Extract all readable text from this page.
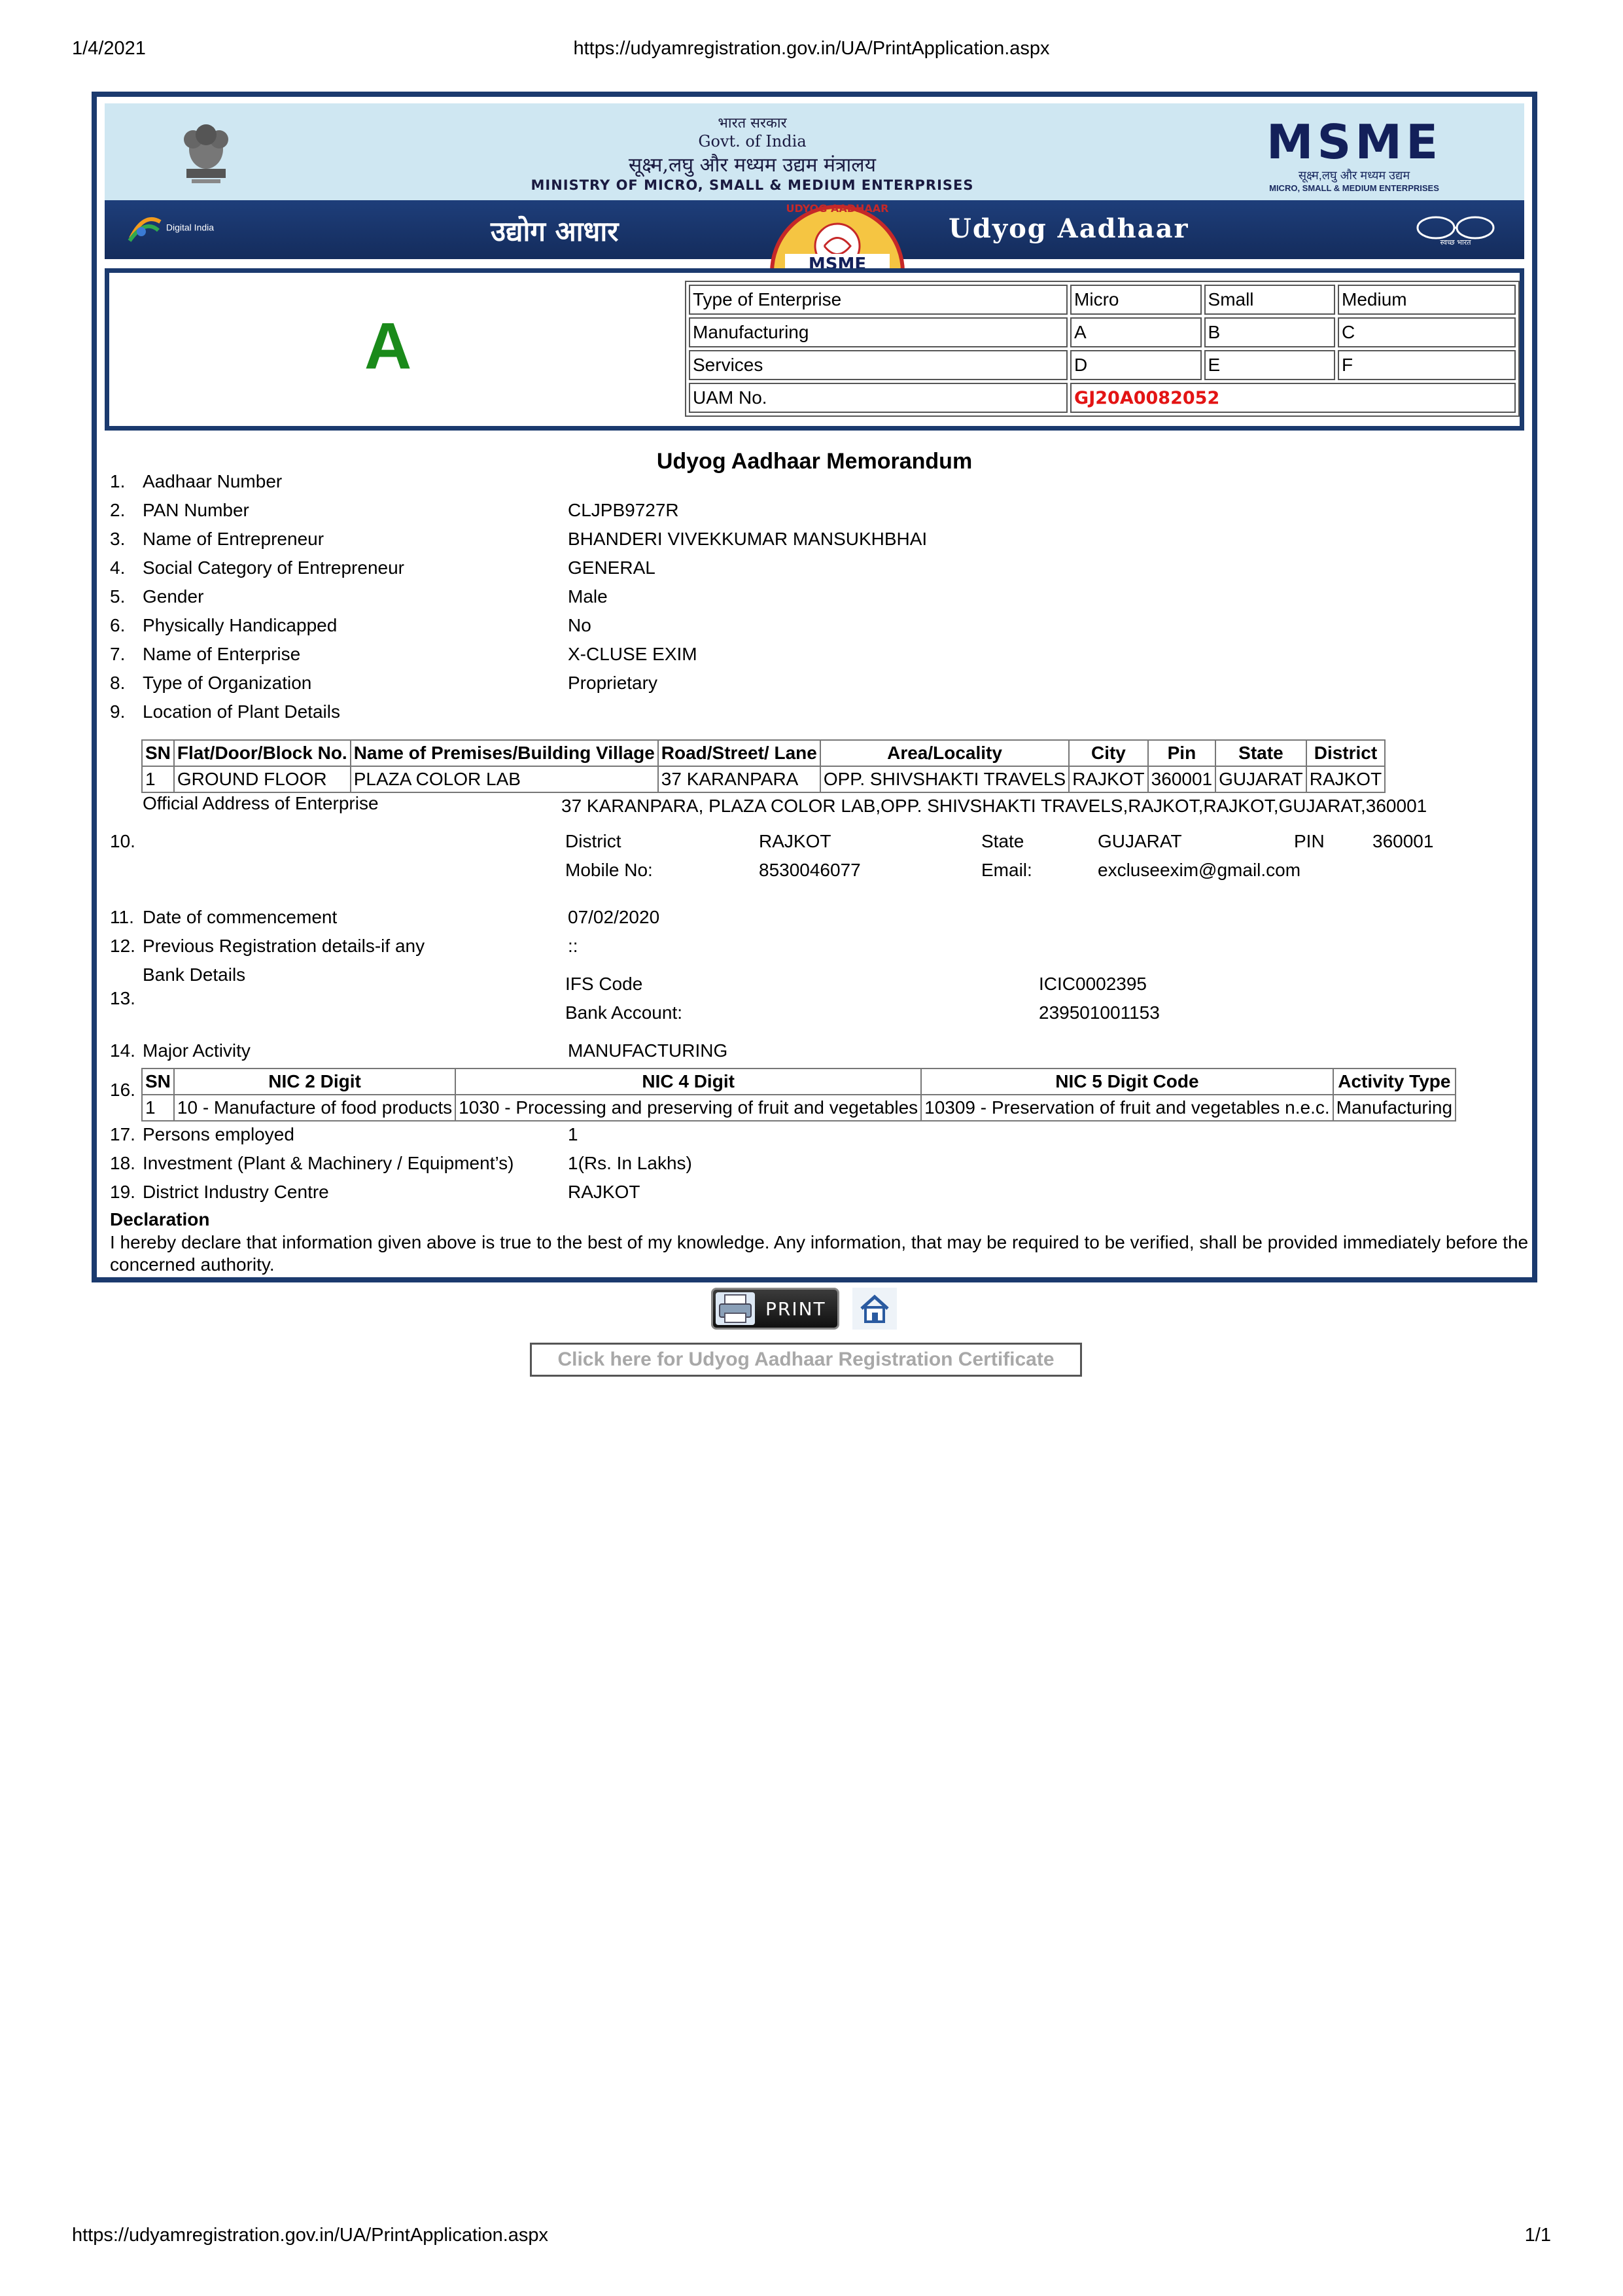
1/4/2021	https://udyamregistration.gov.in/UA/PrintApplication.aspx
भारत सरकार
Govt. of India
सूक्ष्म,लघु और मध्यम उद्यम मंत्रालय
MINISTRY OF MICRO, SMALL & MEDIUM ENTERPRISES
MSME
सूक्ष्म,लघु और मध्यम उद्यम
MICRO, SMALL & MEDIUM ENTERPRISES
Digital India	उद्योग आधार
UDYOG AADHAAR
MSME
Udyog Aadhaar	स्वच्छ भारत
A
Type of Enterprise	Micro	Small	Medium
Manufacturing	A	B	C
Services	D	E	F
UAM No.	GJ20A0082052		
Udyog Aadhaar Memorandum
1. Aadhaar Number
2. PAN Number	CLJPB9727R
3. Name of Entrepreneur	BHANDERI VIVEKKUMAR MANSUKHBHAI
4. Social Category of Entrepreneur	GENERAL
5. Gender	Male
6. Physically Handicapped	No
7. Name of Enterprise	X-CLUSE EXIM
8. Type of Organization	Proprietary
9. Location of Plant Details
SN	Flat/Door/Block No.	Name of Premises/Building Village	Road/Street/ Lane	Area/Locality	City	Pin	State	District
1	GROUND FLOOR	PLAZA COLOR LAB	37 KARANPARA	OPP. SHIVSHAKTI TRAVELS	RAJKOT	360001	GUJARAT	RAJKOT
Official Address of Enterprise	37 KARANPARA, PLAZA COLOR LAB,OPP. SHIVSHAKTI TRAVELS,RAJKOT,RAJKOT,GUJARAT,360001
10.	District	RAJKOT	State	GUJARAT	PIN	360001
Mobile No:	8530046077	Email:	excluseexim@gmail.com
11. Date of commencement	07/02/2020
12. Previous Registration details-if any	::
Bank Details
13.
IFS Code	ICIC0002395
Bank Account:	239501001153
14. Major Activity	MANUFACTURING
16. SN	NIC 2 Digit	NIC 4 Digit	NIC 5 Digit Code	Activity Type
1	10 - Manufacture of food products	1030 - Processing and preserving of fruit and vegetables	10309 - Preservation of fruit and vegetables n.e.c.	Manufacturing
17. Persons employed	1
18. Investment (Plant & Machinery / Equipment’s)	1(Rs. In Lakhs)
19. District Industry Centre	RAJKOT
Declaration
I hereby declare that information given above is true to the best of my knowledge. Any information, that may be required to be verified, shall be provided immediately before the concerned authority.
PRINT
Click here for Udyog Aadhaar Registration Certificate
https://udyamregistration.gov.in/UA/PrintApplication.aspx	1/1
